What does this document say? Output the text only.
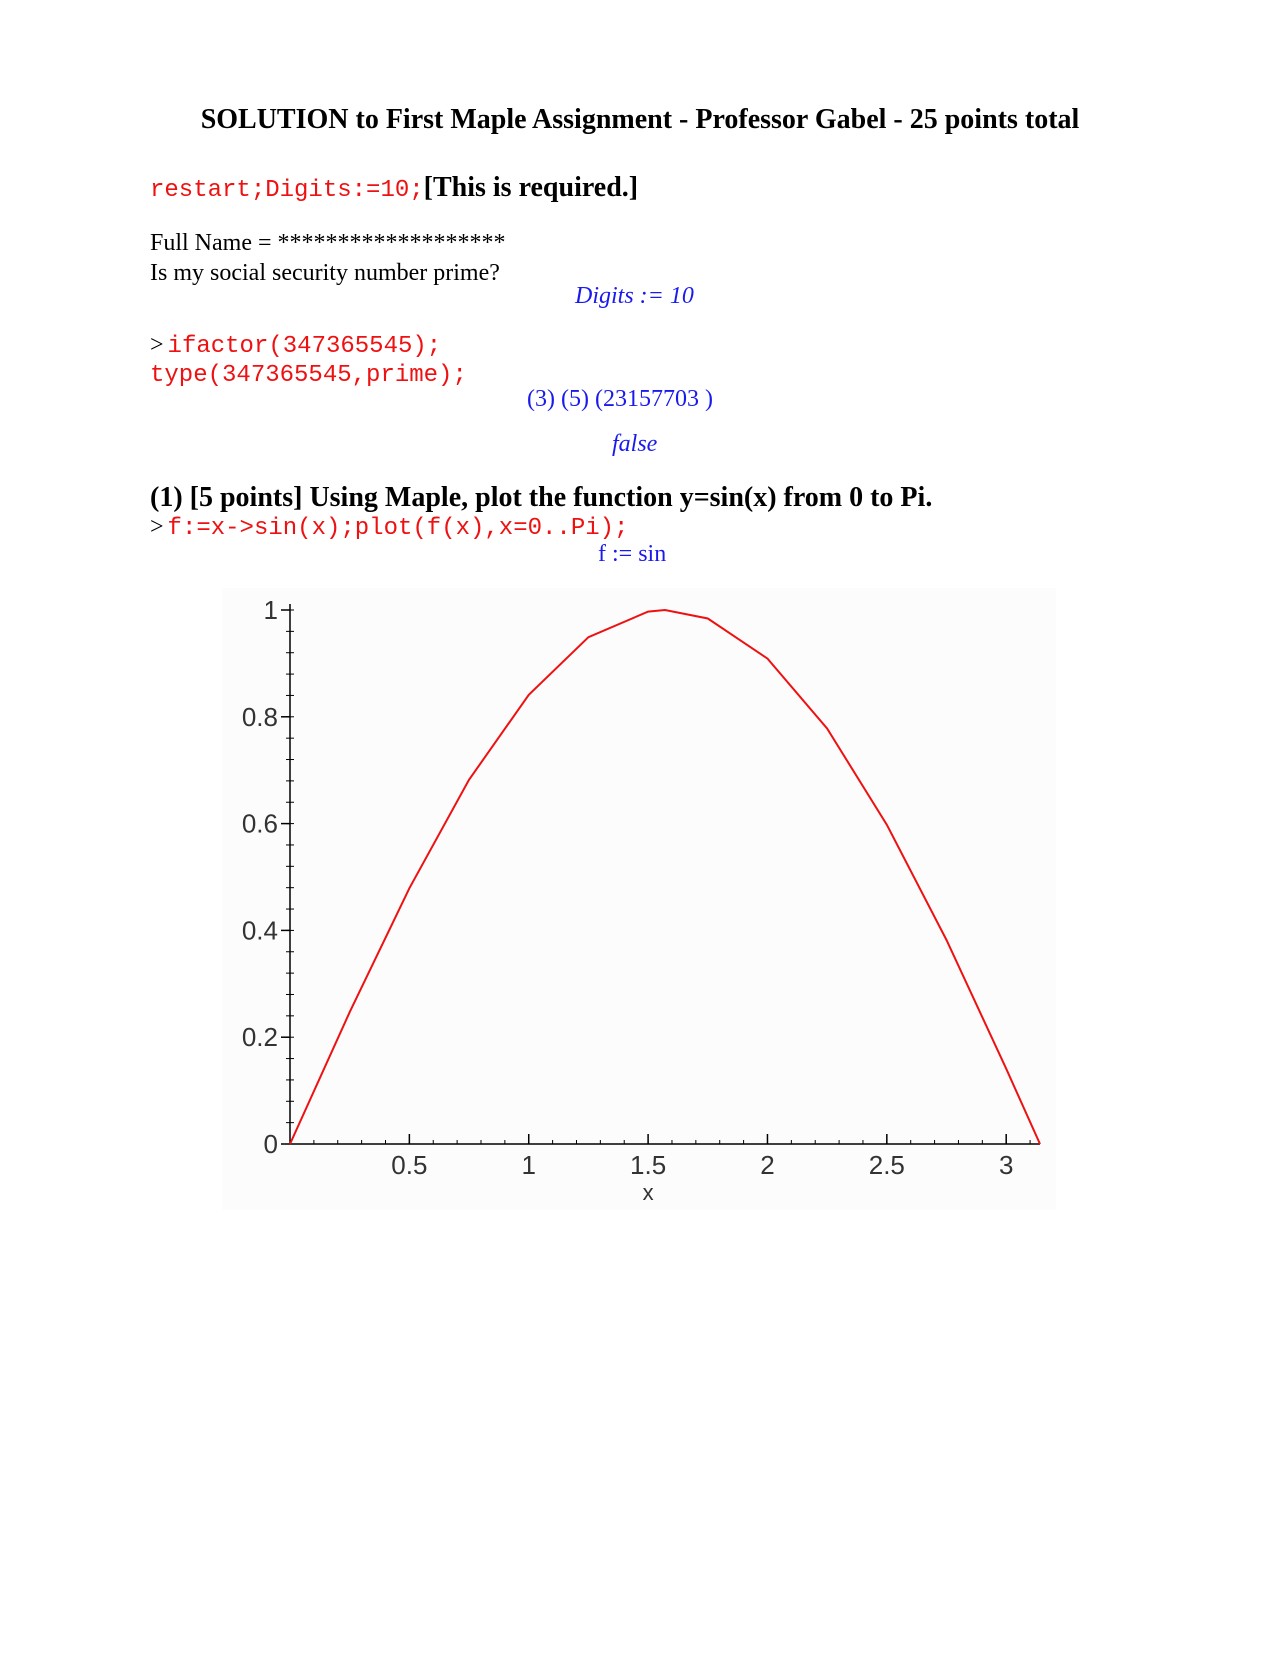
SOLUTION to First Maple Assignment - Professor Gabel - 25 points total
restart;Digits:=10;[This is required.]
Full Name = *******************
Is my social security number prime?
Digits := 10
> ifactor(347365545);
type(347365545,prime);
(3) (5) (23157703 )
false
(1) [5 points] Using Maple, plot the function y=sin(x) from 0 to Pi.
> f:=x->sin(x);plot(f(x),x=0..Pi);
f := sin
0
0.2
0.4
0.6
0.8
1
0.5	1	1.5	2	2.5	3
x
